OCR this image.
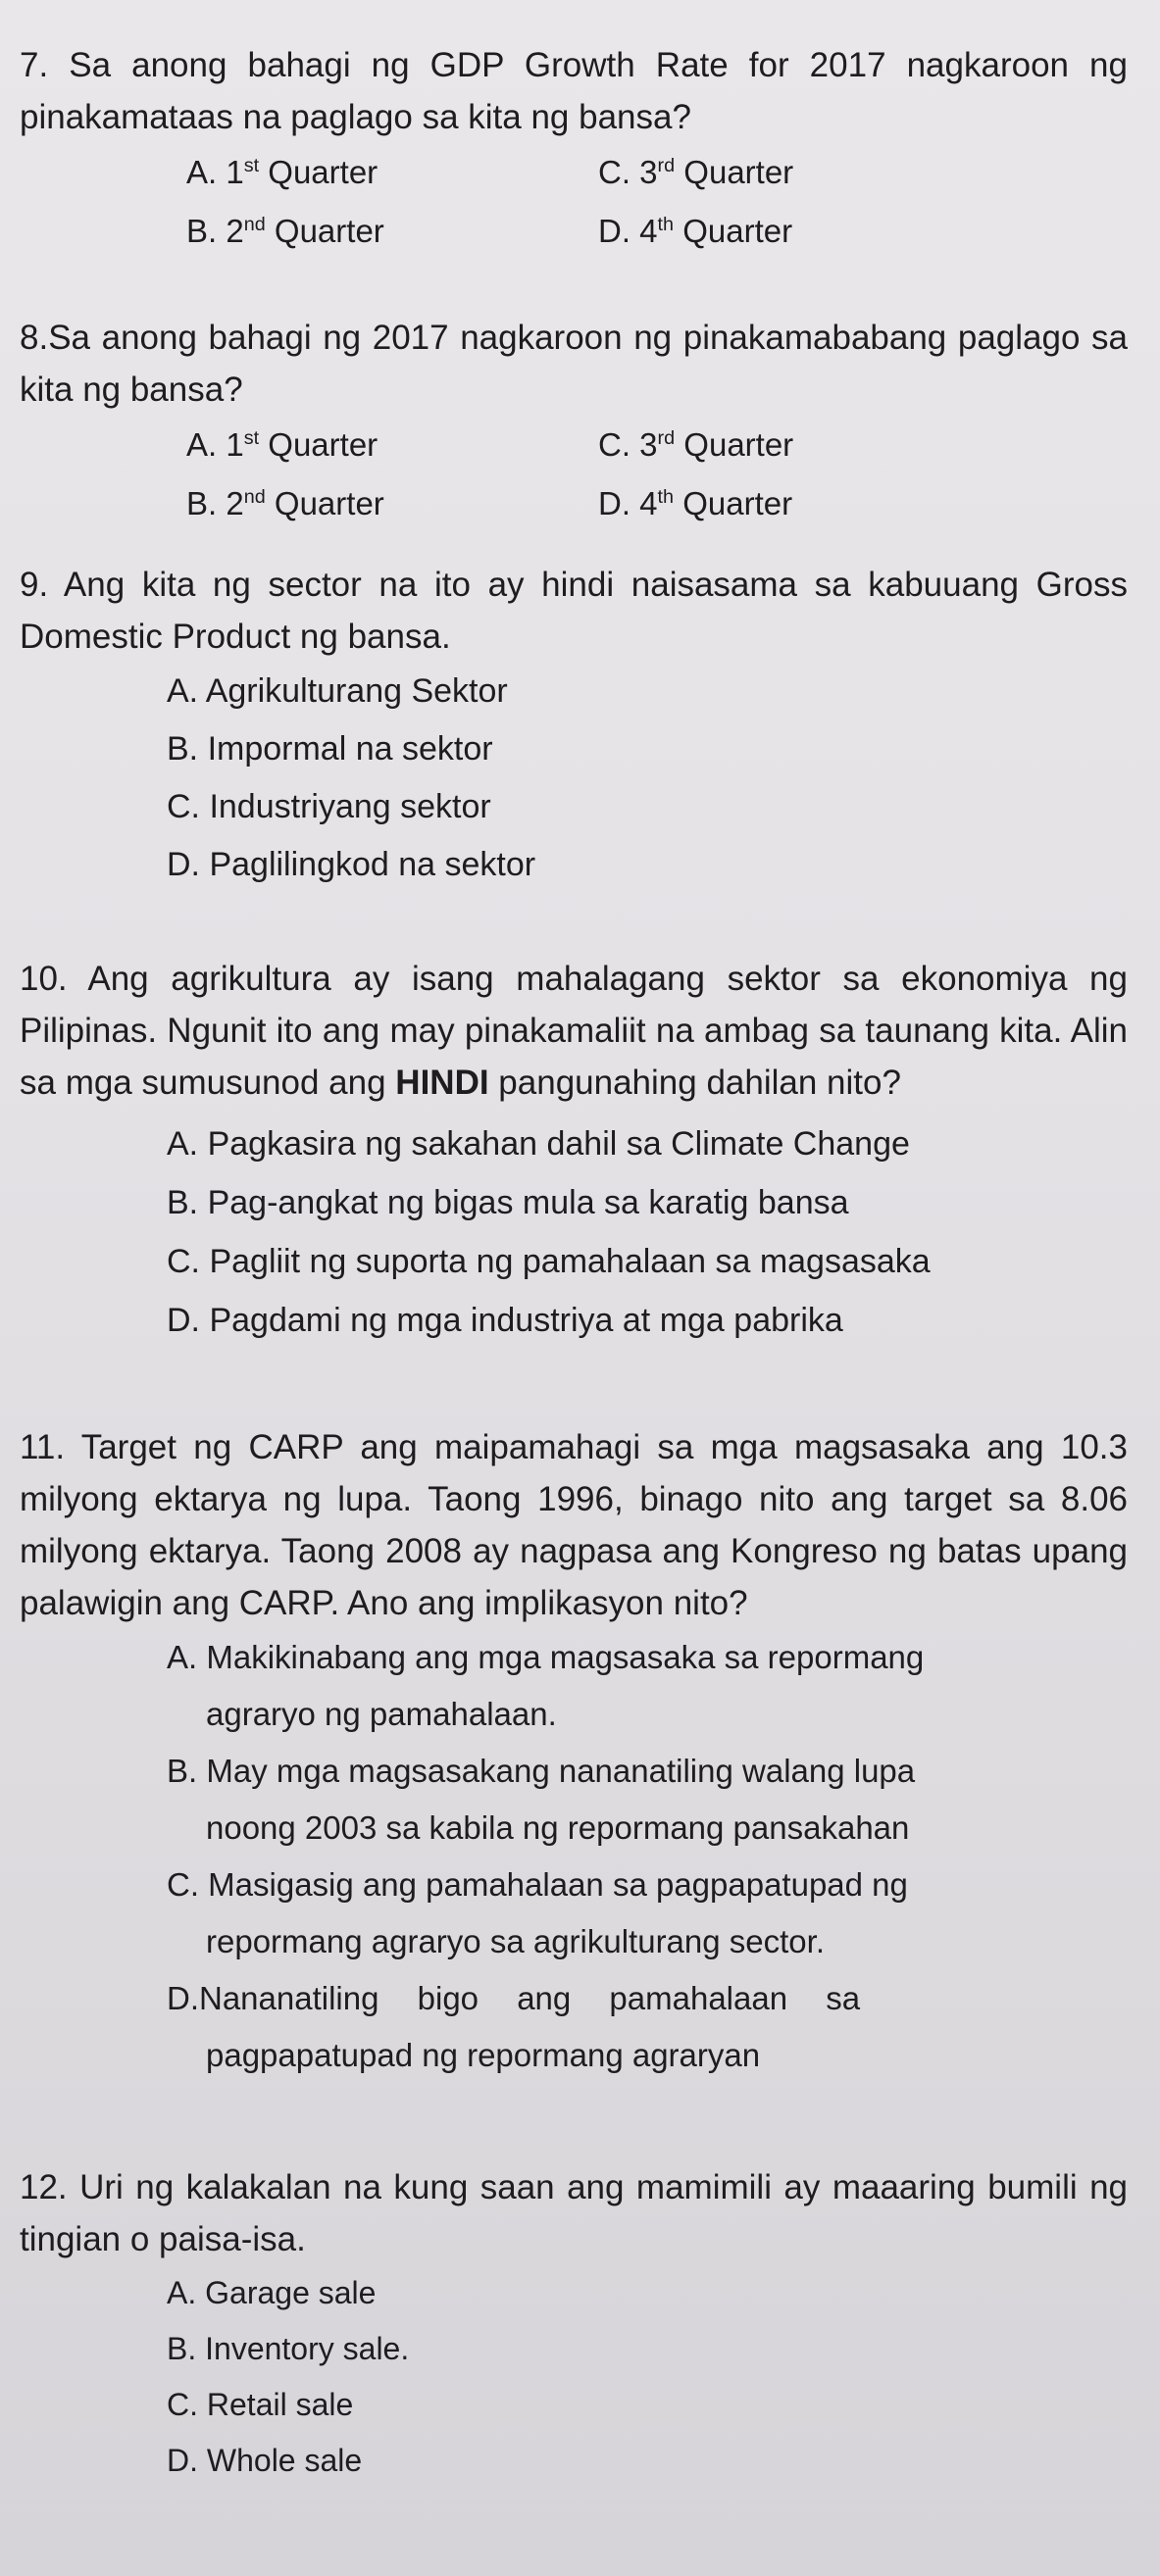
7. Sa anong bahagi ng GDP Growth Rate for 2017 nagkaroon ng pinakamataas na paglago sa kita ng bansa?

A. 1st Quarter	C. 3rd Quarter
B. 2nd Quarter	D. 4th Quarter

8.Sa anong bahagi ng 2017 nagkaroon ng pinakamababang paglago sa kita ng bansa?

A. 1st Quarter	C. 3rd Quarter
B. 2nd Quarter	D. 4th Quarter

9. Ang kita ng sector na ito ay hindi naisasama sa kabuuang Gross Domestic Product ng bansa.

A. Agrikulturang Sektor
B. Impormal na sektor
C. Industriyang sektor
D. Paglilingkod na sektor

10. Ang agrikultura ay isang mahalagang sektor sa ekonomiya ng Pilipinas. Ngunit ito ang may pinakamaliit na ambag sa taunang kita. Alin sa mga sumusunod ang HINDI pangunahing dahilan nito?

A. Pagkasira ng sakahan dahil sa Climate Change
B. Pag-angkat ng bigas mula sa karatig bansa
C. Pagliit ng suporta ng pamahalaan sa magsasaka
D. Pagdami ng mga industriya at mga pabrika

11. Target ng CARP ang maipamahagi sa mga magsasaka ang 10.3 milyong ektarya ng lupa. Taong 1996, binago nito ang target sa 8.06 milyong ektarya. Taong 2008 ay nagpasa ang Kongreso ng batas upang palawigin ang CARP. Ano ang implikasyon nito?

A. Makikinabang ang mga magsasaka sa repormang
agraryo ng pamahalaan.
B. May mga magsasakang nananatiling walang lupa
noong 2003 sa kabila ng repormang pansakahan
C. Masigasig ang pamahalaan sa pagpapatupad ng
repormang agraryo sa agrikulturang sector.
D.Nananatiling bigo ang pamahalaan sa
pagpapatupad ng repormang agraryan

12. Uri ng kalakalan na kung saan ang mamimili ay maaaring bumili ng tingian o paisa-isa.

A. Garage sale
B. Inventory sale.
C. Retail sale
D. Whole sale
